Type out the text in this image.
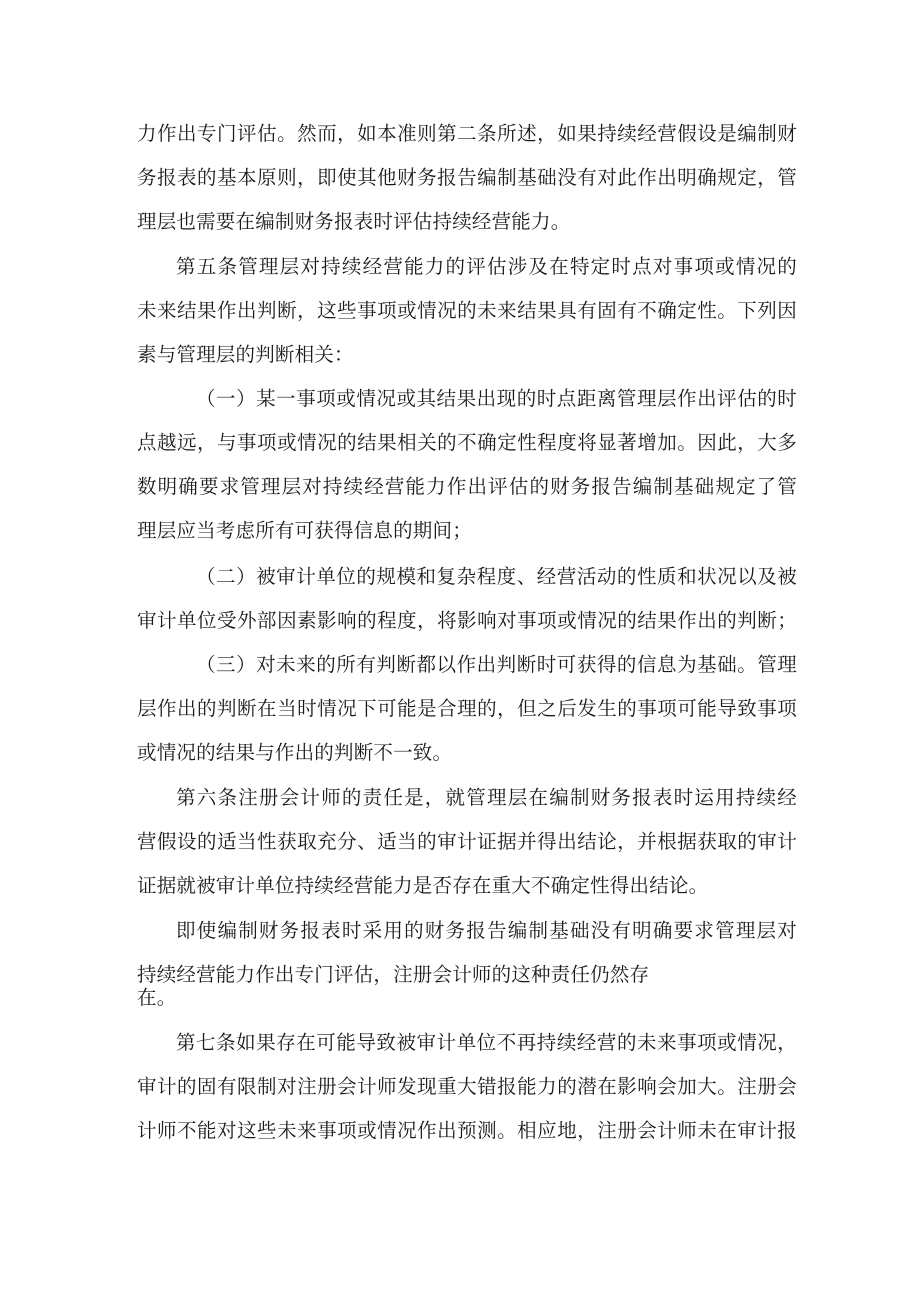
力作出专门评估。然而，如本准则第二条所述，如果持续经营假设是编制财
务报表的基本原则，即使其他财务报告编制基础没有对此作出明确规定，管
理层也需要在编制财务报表时评估持续经营能力。
第五条管理层对持续经营能力的评估涉及在特定时点对事项或情况的
未来结果作出判断，这些事项或情况的未来结果具有固有不确定性。下列因
素与管理层的判断相关：
（一）某一事项或情况或其结果出现的时点距离管理层作出评估的时
点越远，与事项或情况的结果相关的不确定性程度将显著增加。因此，大多
数明确要求管理层对持续经营能力作出评估的财务报告编制基础规定了管
理层应当考虑所有可获得信息的期间；
（二）被审计单位的规模和复杂程度、经营活动的性质和状况以及被
审计单位受外部因素影响的程度，将影响对事项或情况的结果作出的判断；
（三）对未来的所有判断都以作出判断时可获得的信息为基础。管理
层作出的判断在当时情况下可能是合理的，但之后发生的事项可能导致事项
或情况的结果与作出的判断不一致。
第六条注册会计师的责任是，就管理层在编制财务报表时运用持续经
营假设的适当性获取充分、适当的审计证据并得出结论，并根据获取的审计
证据就被审计单位持续经营能力是否存在重大不确定性得出结论。
即使编制财务报表时采用的财务报告编制基础没有明确要求管理层对
持续经营能力作出专门评估，注册会计师的这种责任仍然存
在。
第七条如果存在可能导致被审计单位不再持续经营的未来事项或情况，
审计的固有限制对注册会计师发现重大错报能力的潜在影响会加大。注册会
计师不能对这些未来事项或情况作出预测。相应地，注册会计师未在审计报
